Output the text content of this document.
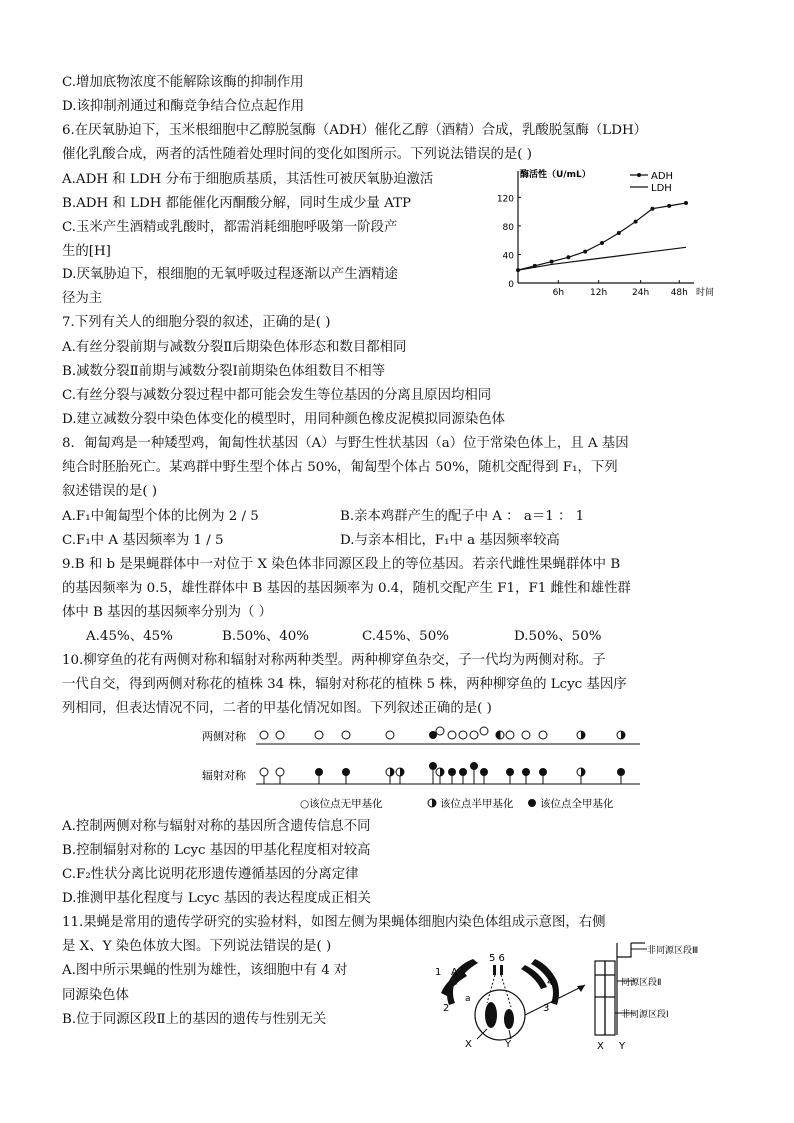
C.增加底物浓度不能解除该酶的抑制作用
D.该抑制剂通过和酶竞争结合位点起作用
6.在厌氧胁迫下，玉米根细胞中乙醇脱氢酶（ADH）催化乙醇（酒精）合成，乳酸脱氢酶（LDH）
催化乳酸合成，两者的活性随着处理时间的变化如图所示。下列说法错误的是( )
A.ADH 和 LDH 分布于细胞质基质，其活性可被厌氧胁迫激活
B.ADH 和 LDH 都能催化丙酮酸分解，同时生成少量 ATP
C.玉米产生酒精或乳酸时，都需消耗细胞呼吸第一阶段产
生的[H]
D.厌氧胁迫下，根细胞的无氧呼吸过程逐渐以产生酒精途
径为主
0
40
80
120
6h	12h	24h 48h 时间
酶活性（U/mL）	ADH
LDH
7.下列有关人的细胞分裂的叙述，正确的是( )
A.有丝分裂前期与减数分裂Ⅱ后期染色体形态和数目都相同
B.减数分裂Ⅱ前期与减数分裂Ⅰ前期染色体组数目不相等
C.有丝分裂与减数分裂过程中都可能会发生等位基因的分离且原因均相同
D.建立减数分裂中染色体变化的模型时，用同种颜色橡皮泥模拟同源染色体
8．匍匐鸡是一种矮型鸡，匍匐性状基因（A）与野生性状基因（a）位于常染色体上，且 A 基因
纯合时胚胎死亡。某鸡群中野生型个体占 50%，匍匐型个体占 50%，随机交配得到 F₁，下列
叙述错误的是( )
A.F₁中匍匐型个体的比例为 2 / 5	B.亲本鸡群产生的配子中 A ： a＝1 ： 1
C.F₁中 A 基因频率为 1 / 5	D.与亲本相比，F₁中 a 基因频率较高
9.B 和 b 是果蝇群体中一对位于 X 染色体非同源区段上的等位基因。若亲代雌性果蝇群体中 B
的基因频率为 0.5，雄性群体中 B 基因的基因频率为 0.4，随机交配产生 F1，F1 雌性和雄性群
体中 B 基因的基因频率分别为（ ）
A.45%、45%	B.50%、40%	C.45%、50%	D.50%、50%
10.柳穿鱼的花有两侧对称和辐射对称两种类型。两种柳穿鱼杂交，子一代均为两侧对称。子
一代自交，得到两侧对称花的植株 34 株，辐射对称花的植株 5 株，两种柳穿鱼的 Lcyc 基因序
列相同，但表达情况不同，二者的甲基化情况如图。下列叙述正确的是( )
两侧对称
辐射对称
○该位点无甲基化	该位点半甲基化	该位点全甲基化
A.控制两侧对称与辐射对称的基因所含遗传信息不同
B.控制辐射对称的 Lcyc 基因的甲基化程度相对较高
C.F₂性状分离比说明花形遗传遵循基因的分离定律
D.推测甲基化程度与 Lcyc 基因的表达程度成正相关
11.果蝇是常用的遗传学研究的实验材料，如图左侧为果蝇体细胞内染色体组成示意图，右侧
是 X、Y 染色体放大图。下列说法错误的是( )
A.图中所示果蝇的性别为雄性，该细胞中有 4 对
同源染色体
B.位于同源区段Ⅱ上的基因的遗传与性别无关
1 A
5 6
2
a
3
4
X	Y
非同源区段Ⅲ
同源区段Ⅱ
非同源区段Ⅰ
X Y
